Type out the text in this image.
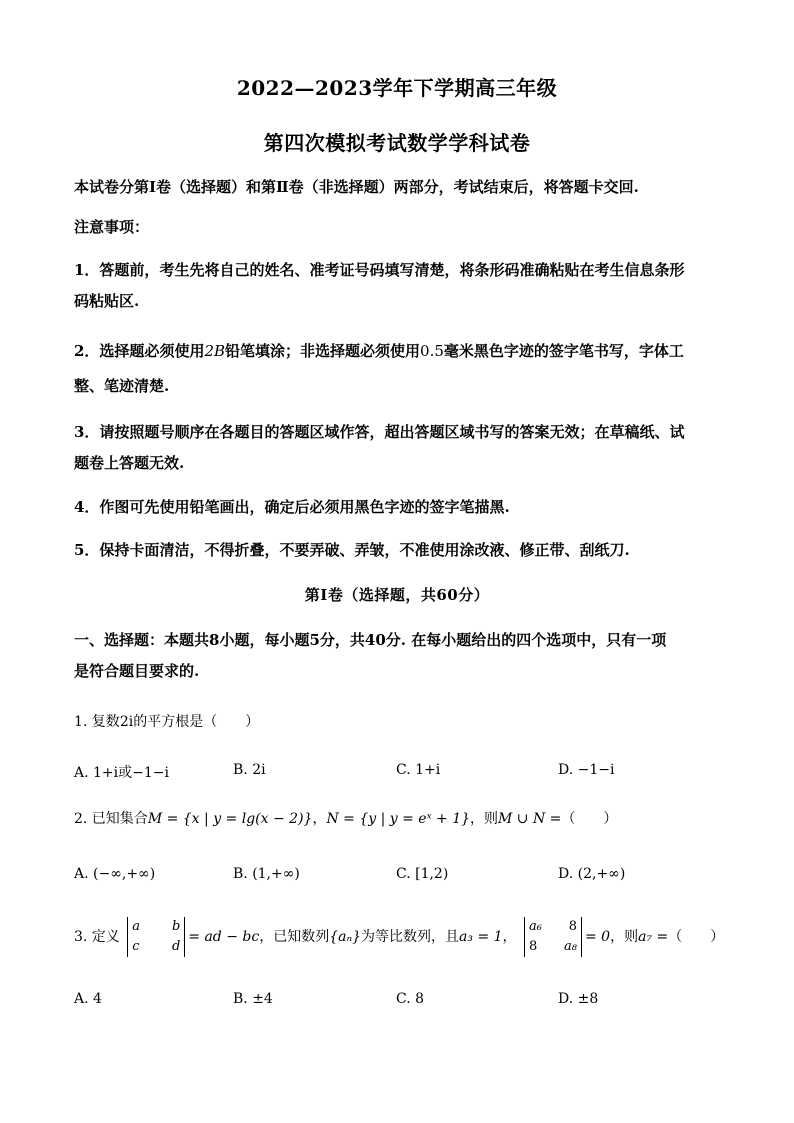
2022—2023学年下学期高三年级
第四次模拟考试数学学科试卷
本试卷分第Ⅰ卷（选择题）和第Ⅱ卷（非选择题）两部分，考试结束后，将答题卡交回.
注意事项：
1．答题前，考生先将自己的姓名、准考证号码填写清楚，将条形码准确粘贴在考生信息条形
码粘贴区.
2．选择题必须使用2B铅笔填涂；非选择题必须使用0.5毫米黑色字迹的签字笔书写，字体工
整、笔迹清楚.
3．请按照题号顺序在各题目的答题区域作答，超出答题区域书写的答案无效；在草稿纸、试
题卷上答题无效.
4．作图可先使用铅笔画出，确定后必须用黑色字迹的签字笔描黑.
5．保持卡面清洁，不得折叠，不要弄破、弄皱，不准使用涂改液、修正带、刮纸刀.
第Ⅰ卷（选择题，共60分）
一、选择题：本题共8小题，每小题5分，共40分. 在每小题给出的四个选项中，只有一项
是符合题目要求的.
1. 复数2i的平方根是（　　）
A. 1+i或−1−i	B. 2i	C. 1+i	D. −1−i
2. 已知集合M = {x | y = lg(x − 2)}，N = {y | y = eˣ + 1}，则M ∪ N =（　　）
A. (−∞,+∞)	B. (1,+∞)	C. [1,2)	D. (2,+∞)
3. 定义 a b
c d= ad − bc，已知数列{aₙ}为等比数列，且a₃ = 1， a₆ 8
8 a₈= 0，则a₇ =（　　）
A. 4	B. ±4	C. 8	D. ±8
